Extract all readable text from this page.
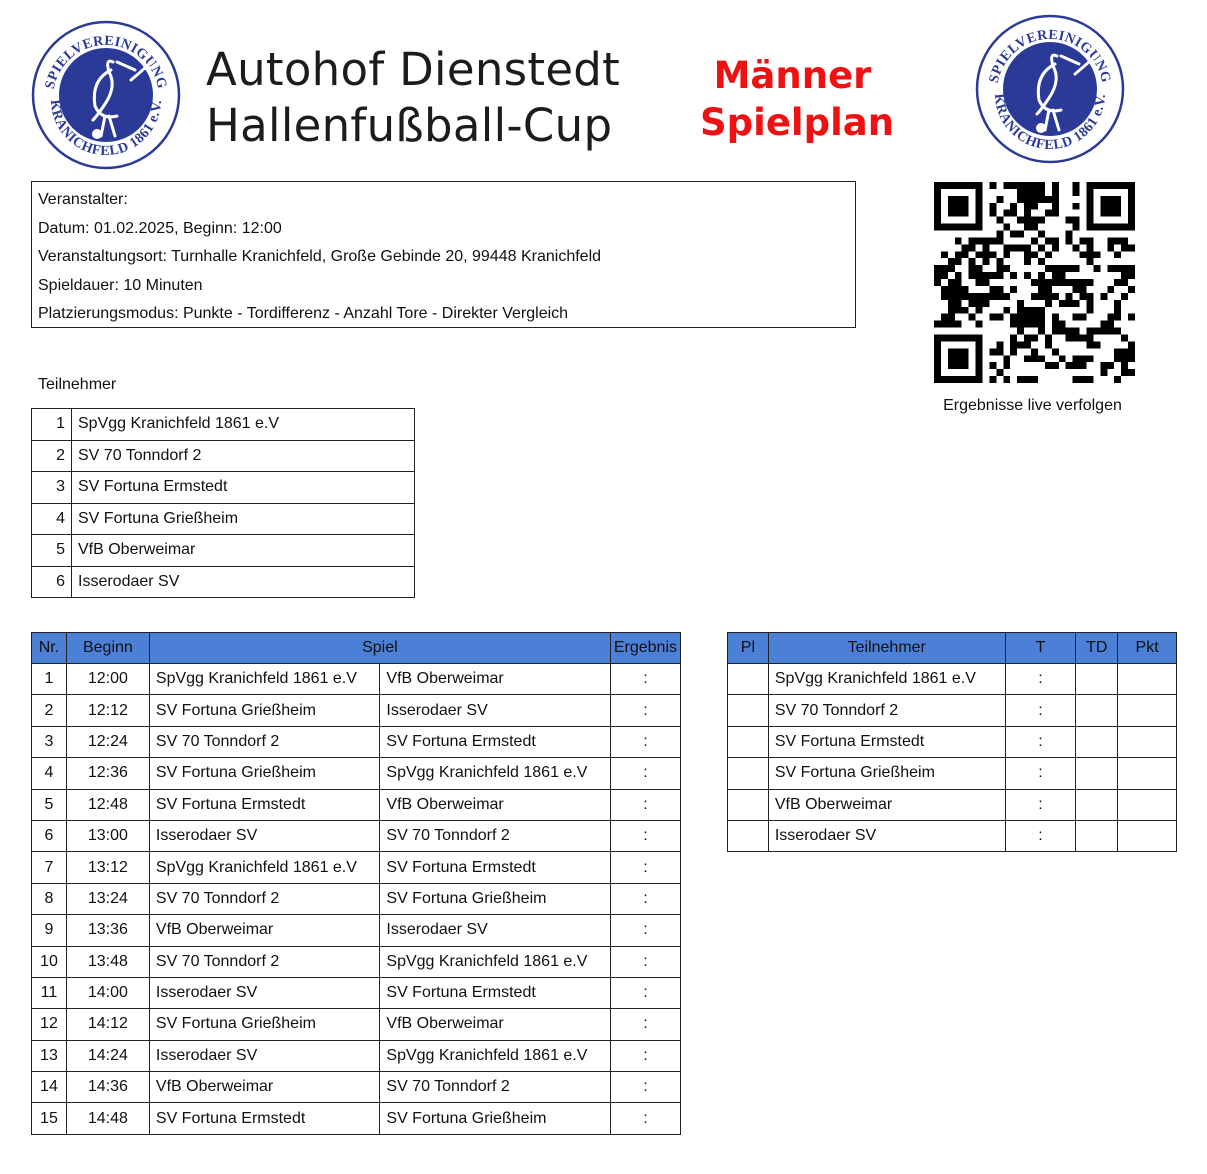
SPIELVEREINIGUNG
KRANICHFELD 1861 e.V.
SPIELVEREINIGUNG
KRANICHFELD 1861 e.V.
Autohof Dienstedt
Hallenfußball-Cup
Männer
Spielplan
Veranstalter:
Datum: 01.02.2025, Beginn: 12:00
Veranstaltungsort: Turnhalle Kranichfeld, Große Gebinde 20, 99448 Kranichfeld
Spieldauer: 10 Minuten
Platzierungsmodus: Punkte - Tordifferenz - Anzahl Tore - Direkter Vergleich
Ergebnisse live verfolgen
Teilnehmer
1	SpVgg Kranichfeld 1861 e.V
2	SV 70 Tonndorf 2
3	SV Fortuna Ermstedt
4	SV Fortuna Grießheim
5	VfB Oberweimar
6	Isserodaer SV
Nr.	Beginn	Spiel		Ergebnis
1	12:00	SpVgg Kranichfeld 1861 e.V	VfB Oberweimar	:
2	12:12	SV Fortuna Grießheim	Isserodaer SV	:
3	12:24	SV 70 Tonndorf 2	SV Fortuna Ermstedt	:
4	12:36	SV Fortuna Grießheim	SpVgg Kranichfeld 1861 e.V	:
5	12:48	SV Fortuna Ermstedt	VfB Oberweimar	:
6	13:00	Isserodaer SV	SV 70 Tonndorf 2	:
7	13:12	SpVgg Kranichfeld 1861 e.V	SV Fortuna Ermstedt	:
8	13:24	SV 70 Tonndorf 2	SV Fortuna Grießheim	:
9	13:36	VfB Oberweimar	Isserodaer SV	:
10	13:48	SV 70 Tonndorf 2	SpVgg Kranichfeld 1861 e.V	:
11	14:00	Isserodaer SV	SV Fortuna Ermstedt	:
12	14:12	SV Fortuna Grießheim	VfB Oberweimar	:
13	14:24	Isserodaer SV	SpVgg Kranichfeld 1861 e.V	:
14	14:36	VfB Oberweimar	SV 70 Tonndorf 2	:
15	14:48	SV Fortuna Ermstedt	SV Fortuna Grießheim	:
Pl	Teilnehmer	T	TD	Pkt
	SpVgg Kranichfeld 1861 e.V	:		
	SV 70 Tonndorf 2	:		
	SV Fortuna Ermstedt	:		
	SV Fortuna Grießheim	:		
	VfB Oberweimar	:		
	Isserodaer SV	:		
